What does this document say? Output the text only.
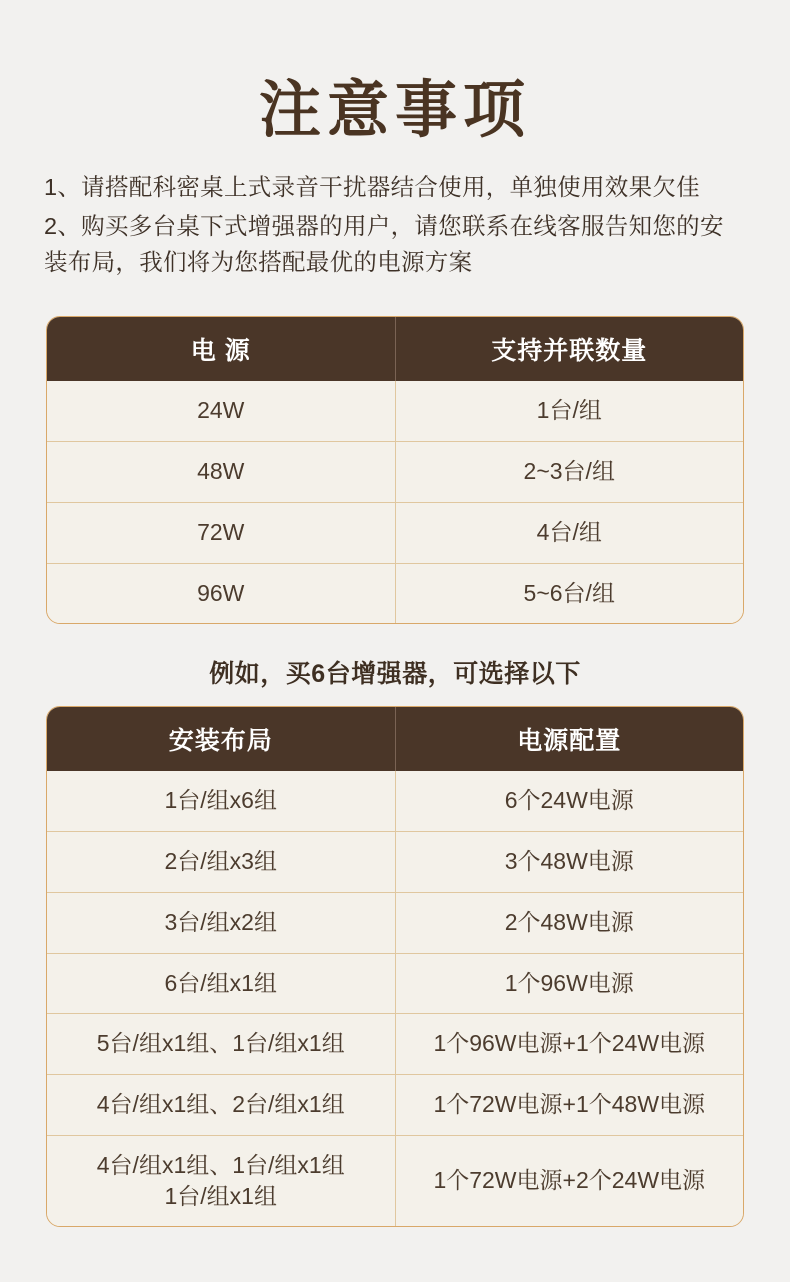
注意事项

1、请搭配科密桌上式录音干扰器结合使用，单独使用效果欠佳

2、购买多台桌下式增强器的用户，请您联系在线客服告知您的安装布局，我们将为您搭配最优的电源方案

电 源	支持并联数量
24W	1台/组
48W	2~3台/组
72W	4台/组
96W	5~6台/组
例如，买6台增强器，可选择以下
安装布局	电源配置
1台/组x6组	6个24W电源
2台/组x3组	3个48W电源
3台/组x2组	2个48W电源
6台/组x1组	1个96W电源
5台/组x1组、1台/组x1组	1个96W电源+1个24W电源
4台/组x1组、2台/组x1组	1个72W电源+1个48W电源
4台/组x1组、1台/组x1组
1台/组x1组	1个72W电源+2个24W电源
